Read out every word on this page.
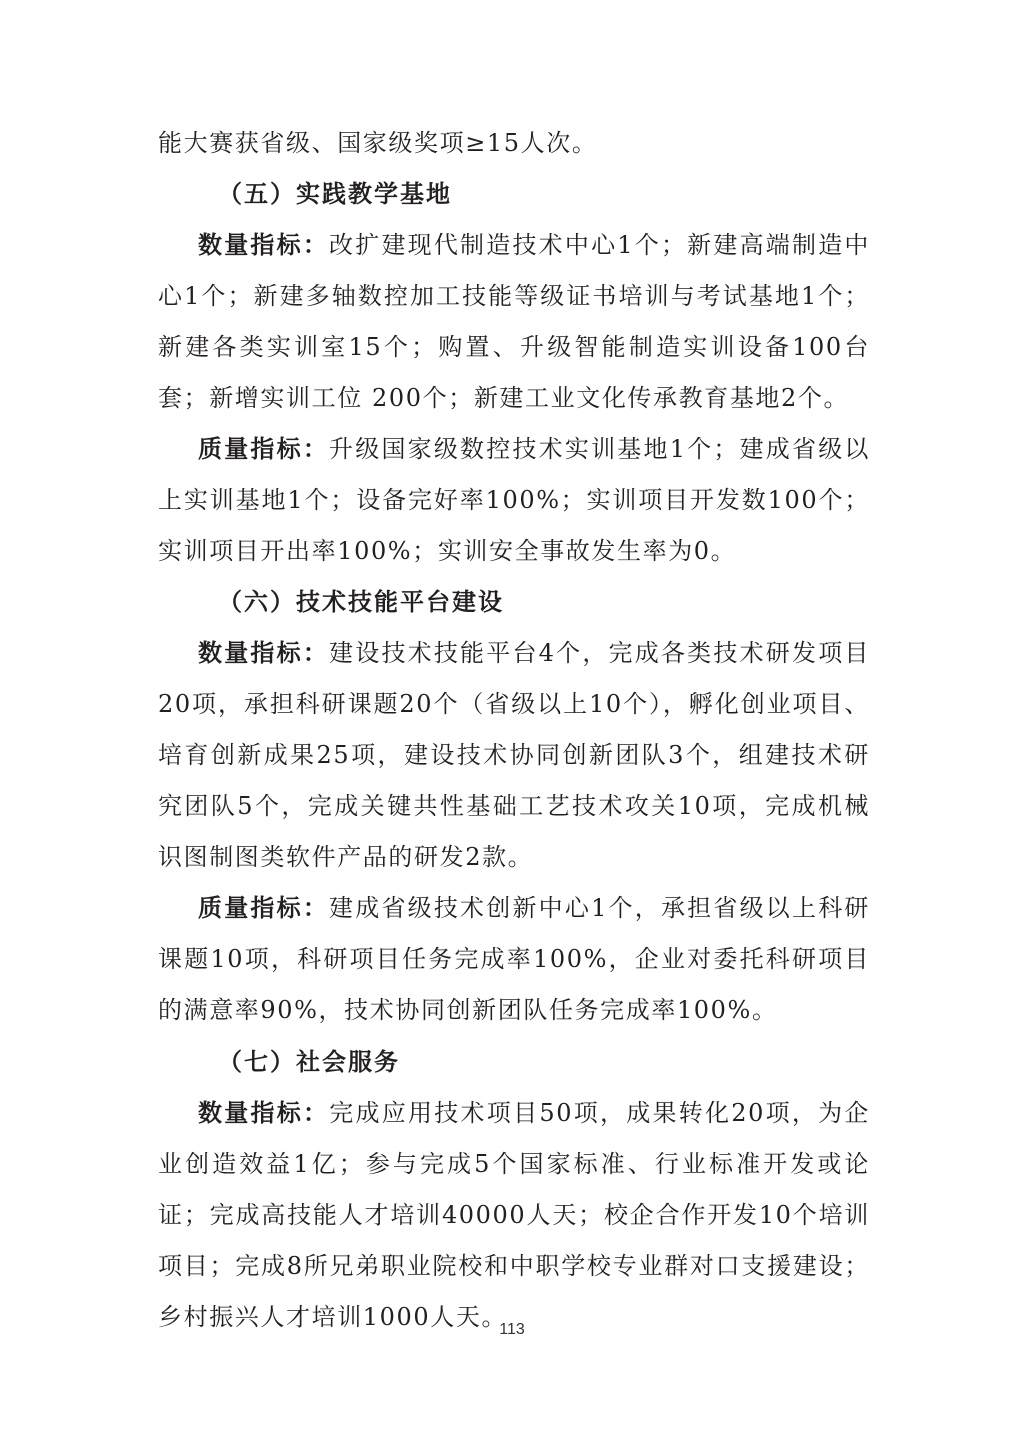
能大赛获省级、国家级奖项≥15人次。

（五）实践教学基地

数量指标：改扩建现代制造技术中心1个；新建高端制造中心1个；新建多轴数控加工技能等级证书培训与考试基地1个；新建各类实训室15个；购置、升级智能制造实训设备100台套；新增实训工位 200个；新建工业文化传承教育基地2个。

质量指标：升级国家级数控技术实训基地1个；建成省级以上实训基地1个；设备完好率100%；实训项目开发数100个；实训项目开出率100%；实训安全事故发生率为0。

（六）技术技能平台建设

数量指标：建设技术技能平台4个，完成各类技术研发项目20项，承担科研课题20个（省级以上10个），孵化创业项目、培育创新成果25项，建设技术协同创新团队3个，组建技术研究团队5个，完成关键共性基础工艺技术攻关10项，完成机械识图制图类软件产品的研发2款。

质量指标：建成省级技术创新中心1个，承担省级以上科研课题10项，科研项目任务完成率100%，企业对委托科研项目的满意率90%，技术协同创新团队任务完成率100%。

（七）社会服务

数量指标：完成应用技术项目50项，成果转化20项，为企业创造效益1亿；参与完成5个国家标准、行业标准开发或论证；完成高技能人才培训40000人天；校企合作开发10个培训项目；完成8所兄弟职业院校和中职学校专业群对口支援建设；乡村振兴人才培训1000人天。

113
